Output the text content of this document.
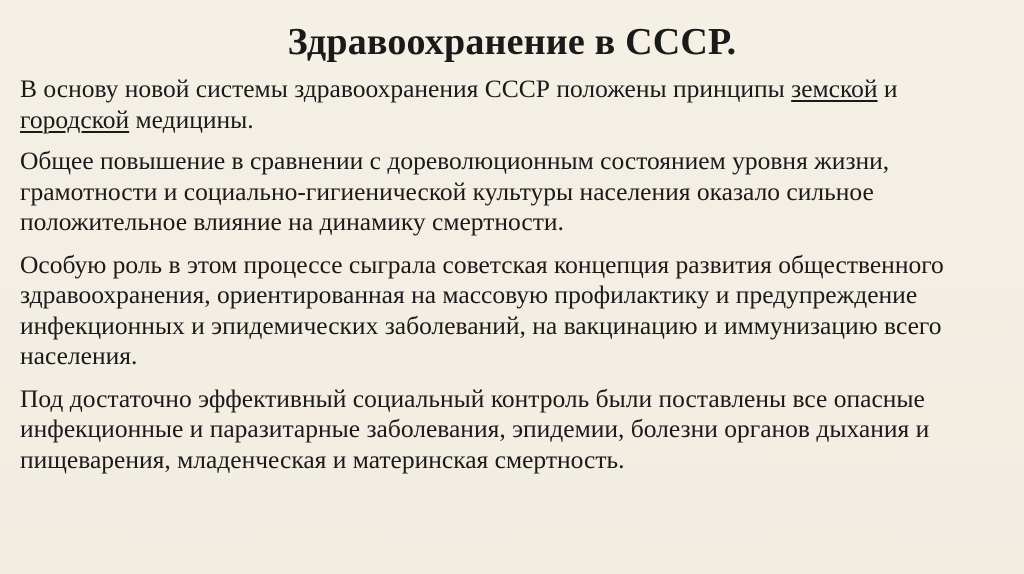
Здравоохранение в СССР.

В основу новой системы здравоохранения СССР положены принципы земской и городской медицины.

Общее повышение в сравнении с дореволюционным состоянием уровня жизни, грамотности и социально-гигиенической культуры населения оказало сильное положительное влияние на динамику смертности.

Особую роль в этом процессе сыграла советская концепция развития общественного здравоохранения, ориентированная на массовую профилактику и предупреждение инфекционных и эпидемических заболеваний, на вакцинацию и иммунизацию всего населения.

Под достаточно эффективный социальный контроль были поставлены все опасные инфекционные и паразитарные заболевания, эпидемии, болезни органов дыхания и пищеварения, младенческая и материнская смертность.
